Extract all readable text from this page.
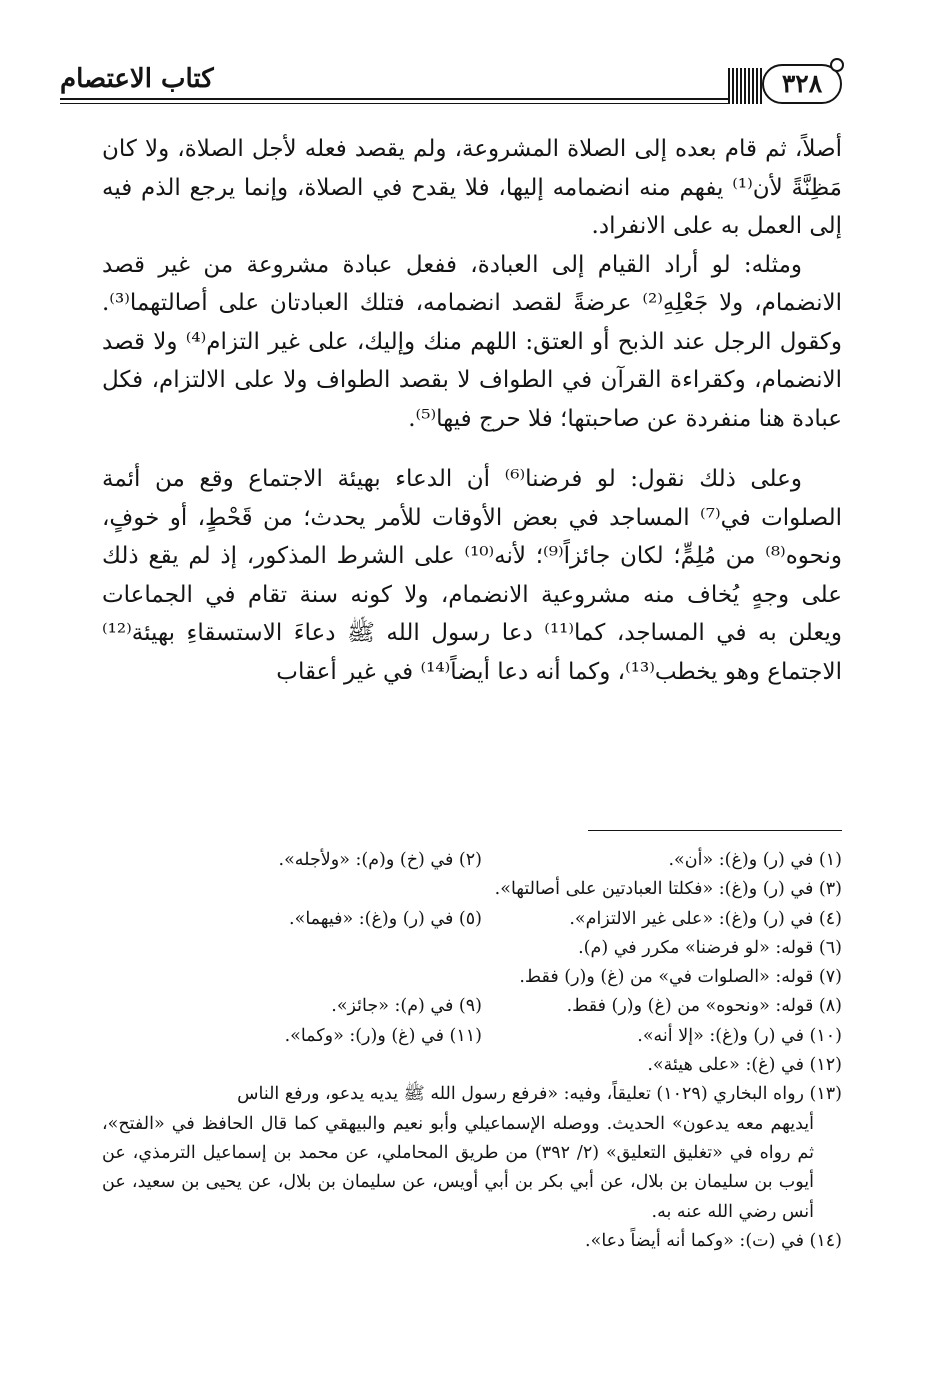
كتاب الاعتصام	٣٢٨

أصلاً، ثم قام بعده إلى الصلاة المشروعة، ولم يقصد فعله لأجل الصلاة، ولا كان مَظِنَّةً لأن⁽¹⁾ يفهم منه انضمامه إليها، فلا يقدح في الصلاة، وإنما يرجع الذم فيه إلى العمل به على الانفراد.

ومثله: لو أراد القيام إلى العبادة، ففعل عبادة مشروعة من غير قصد الانضمام، ولا جَعْلِهِ⁽²⁾ عرضةً لقصد انضمامه، فتلك العبادتان على أصالتهما⁽³⁾. وكقول الرجل عند الذبح أو العتق: اللهم منك وإليك، على غير التزام⁽⁴⁾ ولا قصد الانضمام، وكقراءة القرآن في الطواف لا بقصد الطواف ولا على الالتزام، فكل عبادة هنا منفردة عن صاحبتها؛ فلا حرج فيها⁽⁵⁾.

وعلى ذلك نقول: لو فرضنا⁽⁶⁾ أن الدعاء بهيئة الاجتماع وقع من أئمة الصلوات في⁽⁷⁾ المساجد في بعض الأوقات للأمر يحدث؛ من قَحْطٍ، أو خوفٍ، ونحوه⁽⁸⁾ من مُلِمٍّ؛ لكان جائزاً⁽⁹⁾؛ لأنه⁽¹⁰⁾ على الشرط المذكور، إذ لم يقع ذلك على وجهٍ يُخاف منه مشروعية الانضمام، ولا كونه سنة تقام في الجماعات ويعلن به في المساجد، كما⁽¹¹⁾ دعا رسول الله ﷺ دعاءَ الاستسقاءِ بهيئة⁽¹²⁾ الاجتماع وهو يخطب⁽¹³⁾، وكما أنه دعا أيضاً⁽¹⁴⁾ في غير أعقاب

(١) في (ر) و(غ): «أن».
(٢) في (خ) و(م): «ولأجله».
(٣) في (ر) و(غ): «فكلتا العبادتين على أصالتها».
(٤) في (ر) و(غ): «على غير الالتزام».
(٥) في (ر) و(غ): «فيهما».
(٦) قوله: «لو فرضنا» مكرر في (م).
(٧) قوله: «الصلوات في» من (غ) و(ر) فقط.
(٨) قوله: «ونحوه» من (غ) و(ر) فقط.
(٩) في (م): «جائز».
(١٠) في (ر) و(غ): «إلا أنه».
(١١) في (غ) و(ر): «وكما».
(١٢) في (غ): «على هيئة».
(١٣) رواه البخاري (١٠٢٩) تعليقاً، وفيه: «فرفع رسول الله ﷺ يديه يدعو، ورفع الناس
أيديهم معه يدعون» الحديث. ووصله الإسماعيلي وأبو نعيم والبيهقي كما قال الحافظ في «الفتح»، ثم رواه في «تغليق التعليق» (٢/ ٣٩٢) من طريق المحاملي، عن محمد بن إسماعيل الترمذي، عن أيوب بن سليمان بن بلال، عن أبي بكر بن أبي أويس، عن سليمان بن بلال، عن يحيى بن سعيد، عن أنس رضي الله عنه به.
(١٤) في (ت): «وكما أنه أيضاً دعا».
